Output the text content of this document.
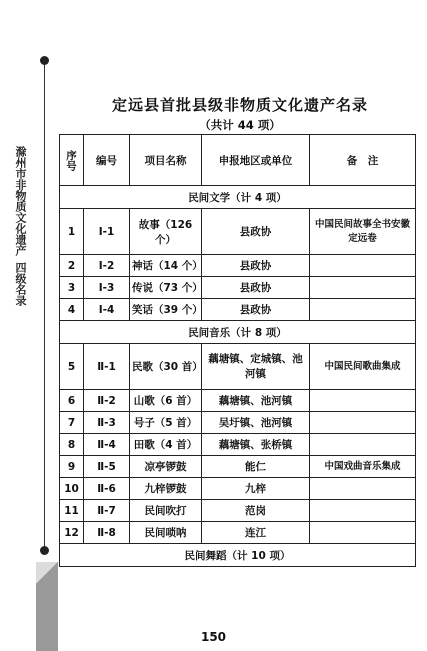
滁州市非物质文化遗产
四级名录
定远县首批县级非物质文化遗产名录
（共计 44 项）
序号	编号	项目名称	申报地区或单位	备　注
民间文学（计 4 项）				
1	Ⅰ-1	故事（126 个）	县政协	中国民间故事全书安徽定远卷
2	Ⅰ-2	神话（14 个）	县政协	
3	Ⅰ-3	传说（73 个）	县政协	
4	Ⅰ-4	笑话（39 个）	县政协	
民间音乐（计 8 项）				
5	Ⅱ-1	民歌（30 首）	藕塘镇、定城镇、池河镇	中国民间歌曲集成
6	Ⅱ-2	山歌（6 首）	藕塘镇、池河镇	
7	Ⅱ-3	号子（5 首）	吴圩镇、池河镇	
8	Ⅱ-4	田歌（4 首）	藕塘镇、张桥镇	
9	Ⅱ-5	凉亭锣鼓	能仁	中国戏曲音乐集成
10	Ⅱ-6	九梓锣鼓	九梓	
11	Ⅱ-7	民间吹打	范岗	
12	Ⅱ-8	民间唢呐	连江	
民间舞蹈（计 10 项）				
150
